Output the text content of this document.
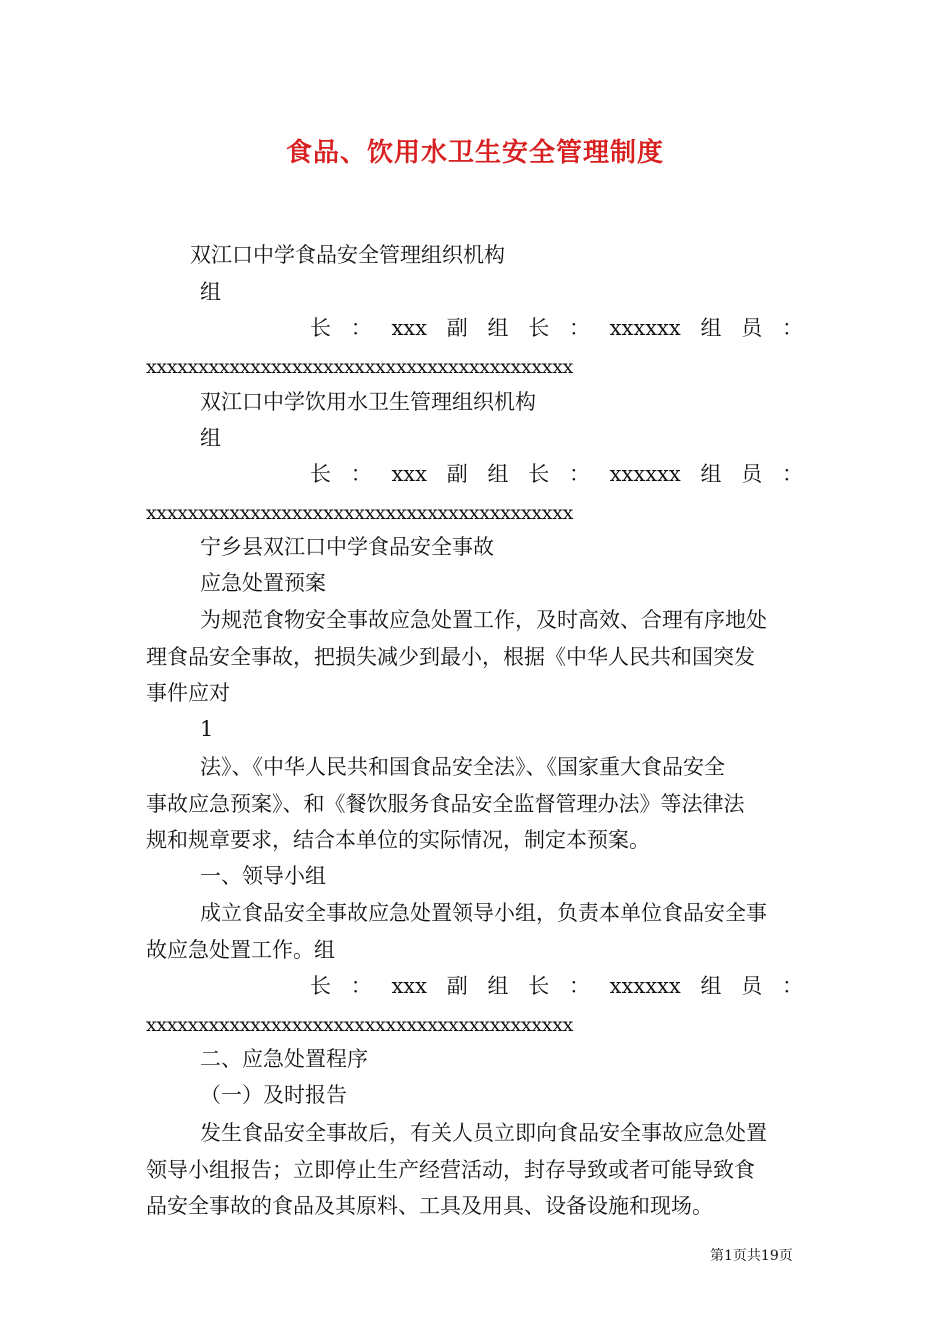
食品、饮用水卫生安全管理制度
双江口中学食品安全管理组织机构
组
长 ： xxx 副 组 长 ： xxxxxx 组 员 ：
xxxxxxxxxxxxxxxxxxxxxxxxxxxxxxxxxxxxxxxxx
双江口中学饮用水卫生管理组织机构
组
长 ： xxx 副 组 长 ： xxxxxx 组 员 ：
xxxxxxxxxxxxxxxxxxxxxxxxxxxxxxxxxxxxxxxxx
宁乡县双江口中学食品安全事故
应急处置预案
为规范食物安全事故应急处置工作，及时高效、合理有序地处
理食品安全事故，把损失减少到最小，根据《中华人民共和国突发
事件应对
1
法》、《中华人民共和国食品安全法》、《国家重大食品安全
事故应急预案》、和《餐饮服务食品安全监督管理办法》等法律法
规和规章要求，结合本单位的实际情况，制定本预案。
一、领导小组
成立食品安全事故应急处置领导小组，负责本单位食品安全事
故应急处置工作。组
长 ： xxx 副 组 长 ： xxxxxx 组 员 ：
xxxxxxxxxxxxxxxxxxxxxxxxxxxxxxxxxxxxxxxxx
二、应急处置程序
（一）及时报告
发生食品安全事故后，有关人员立即向食品安全事故应急处置
领导小组报告；立即停止生产经营活动，封存导致或者可能导致食
品安全事故的食品及其原料、工具及用具、设备设施和现场。
第1页共19页
